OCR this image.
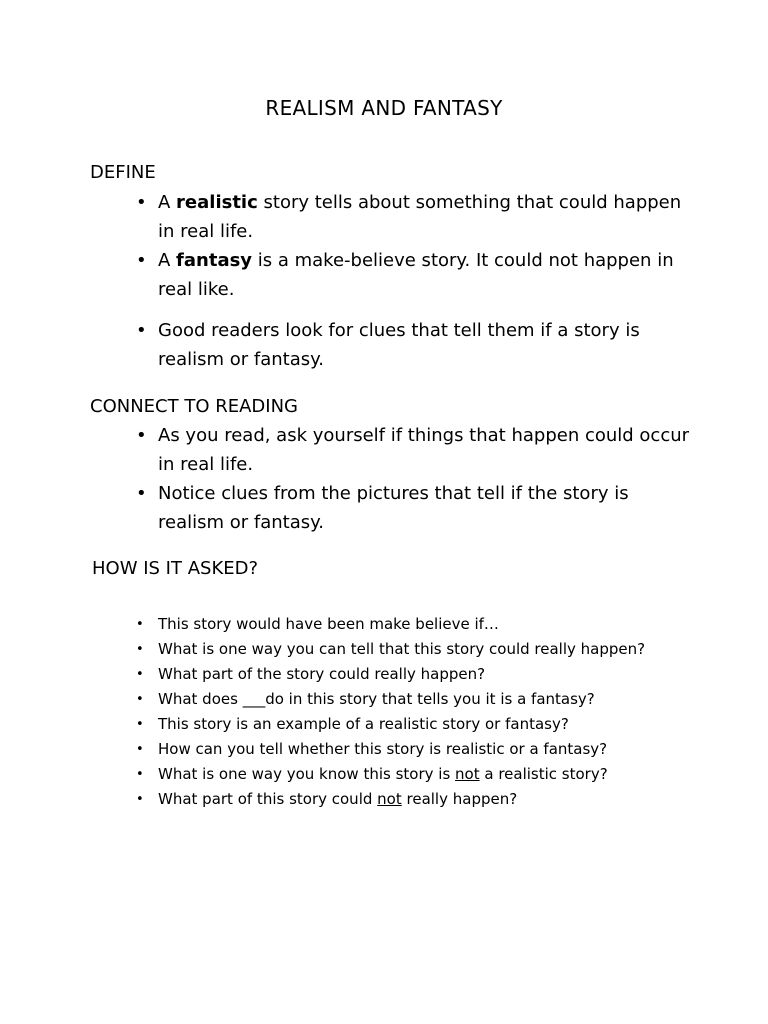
REALISM AND FANTASY
DEFINE
• A realistic story tells about something that could happen in real life.
• A fantasy is a make-believe story. It could not happen in real like.
• Good readers look for clues that tell them if a story is realism or fantasy.
CONNECT TO READING
• As you read, ask yourself if things that happen could occur in real life.
• Notice clues from the pictures that tell if the story is realism or fantasy.
HOW IS IT ASKED?
• This story would have been make believe if…
• What is one way you can tell that this story could really happen?
• What part of the story could really happen?
• What does ___do in this story that tells you it is a fantasy?
• This story is an example of a realistic story or fantasy?
• How can you tell whether this story is realistic or a fantasy?
• What is one way you know this story is not a realistic story?
• What part of this story could not really happen?
